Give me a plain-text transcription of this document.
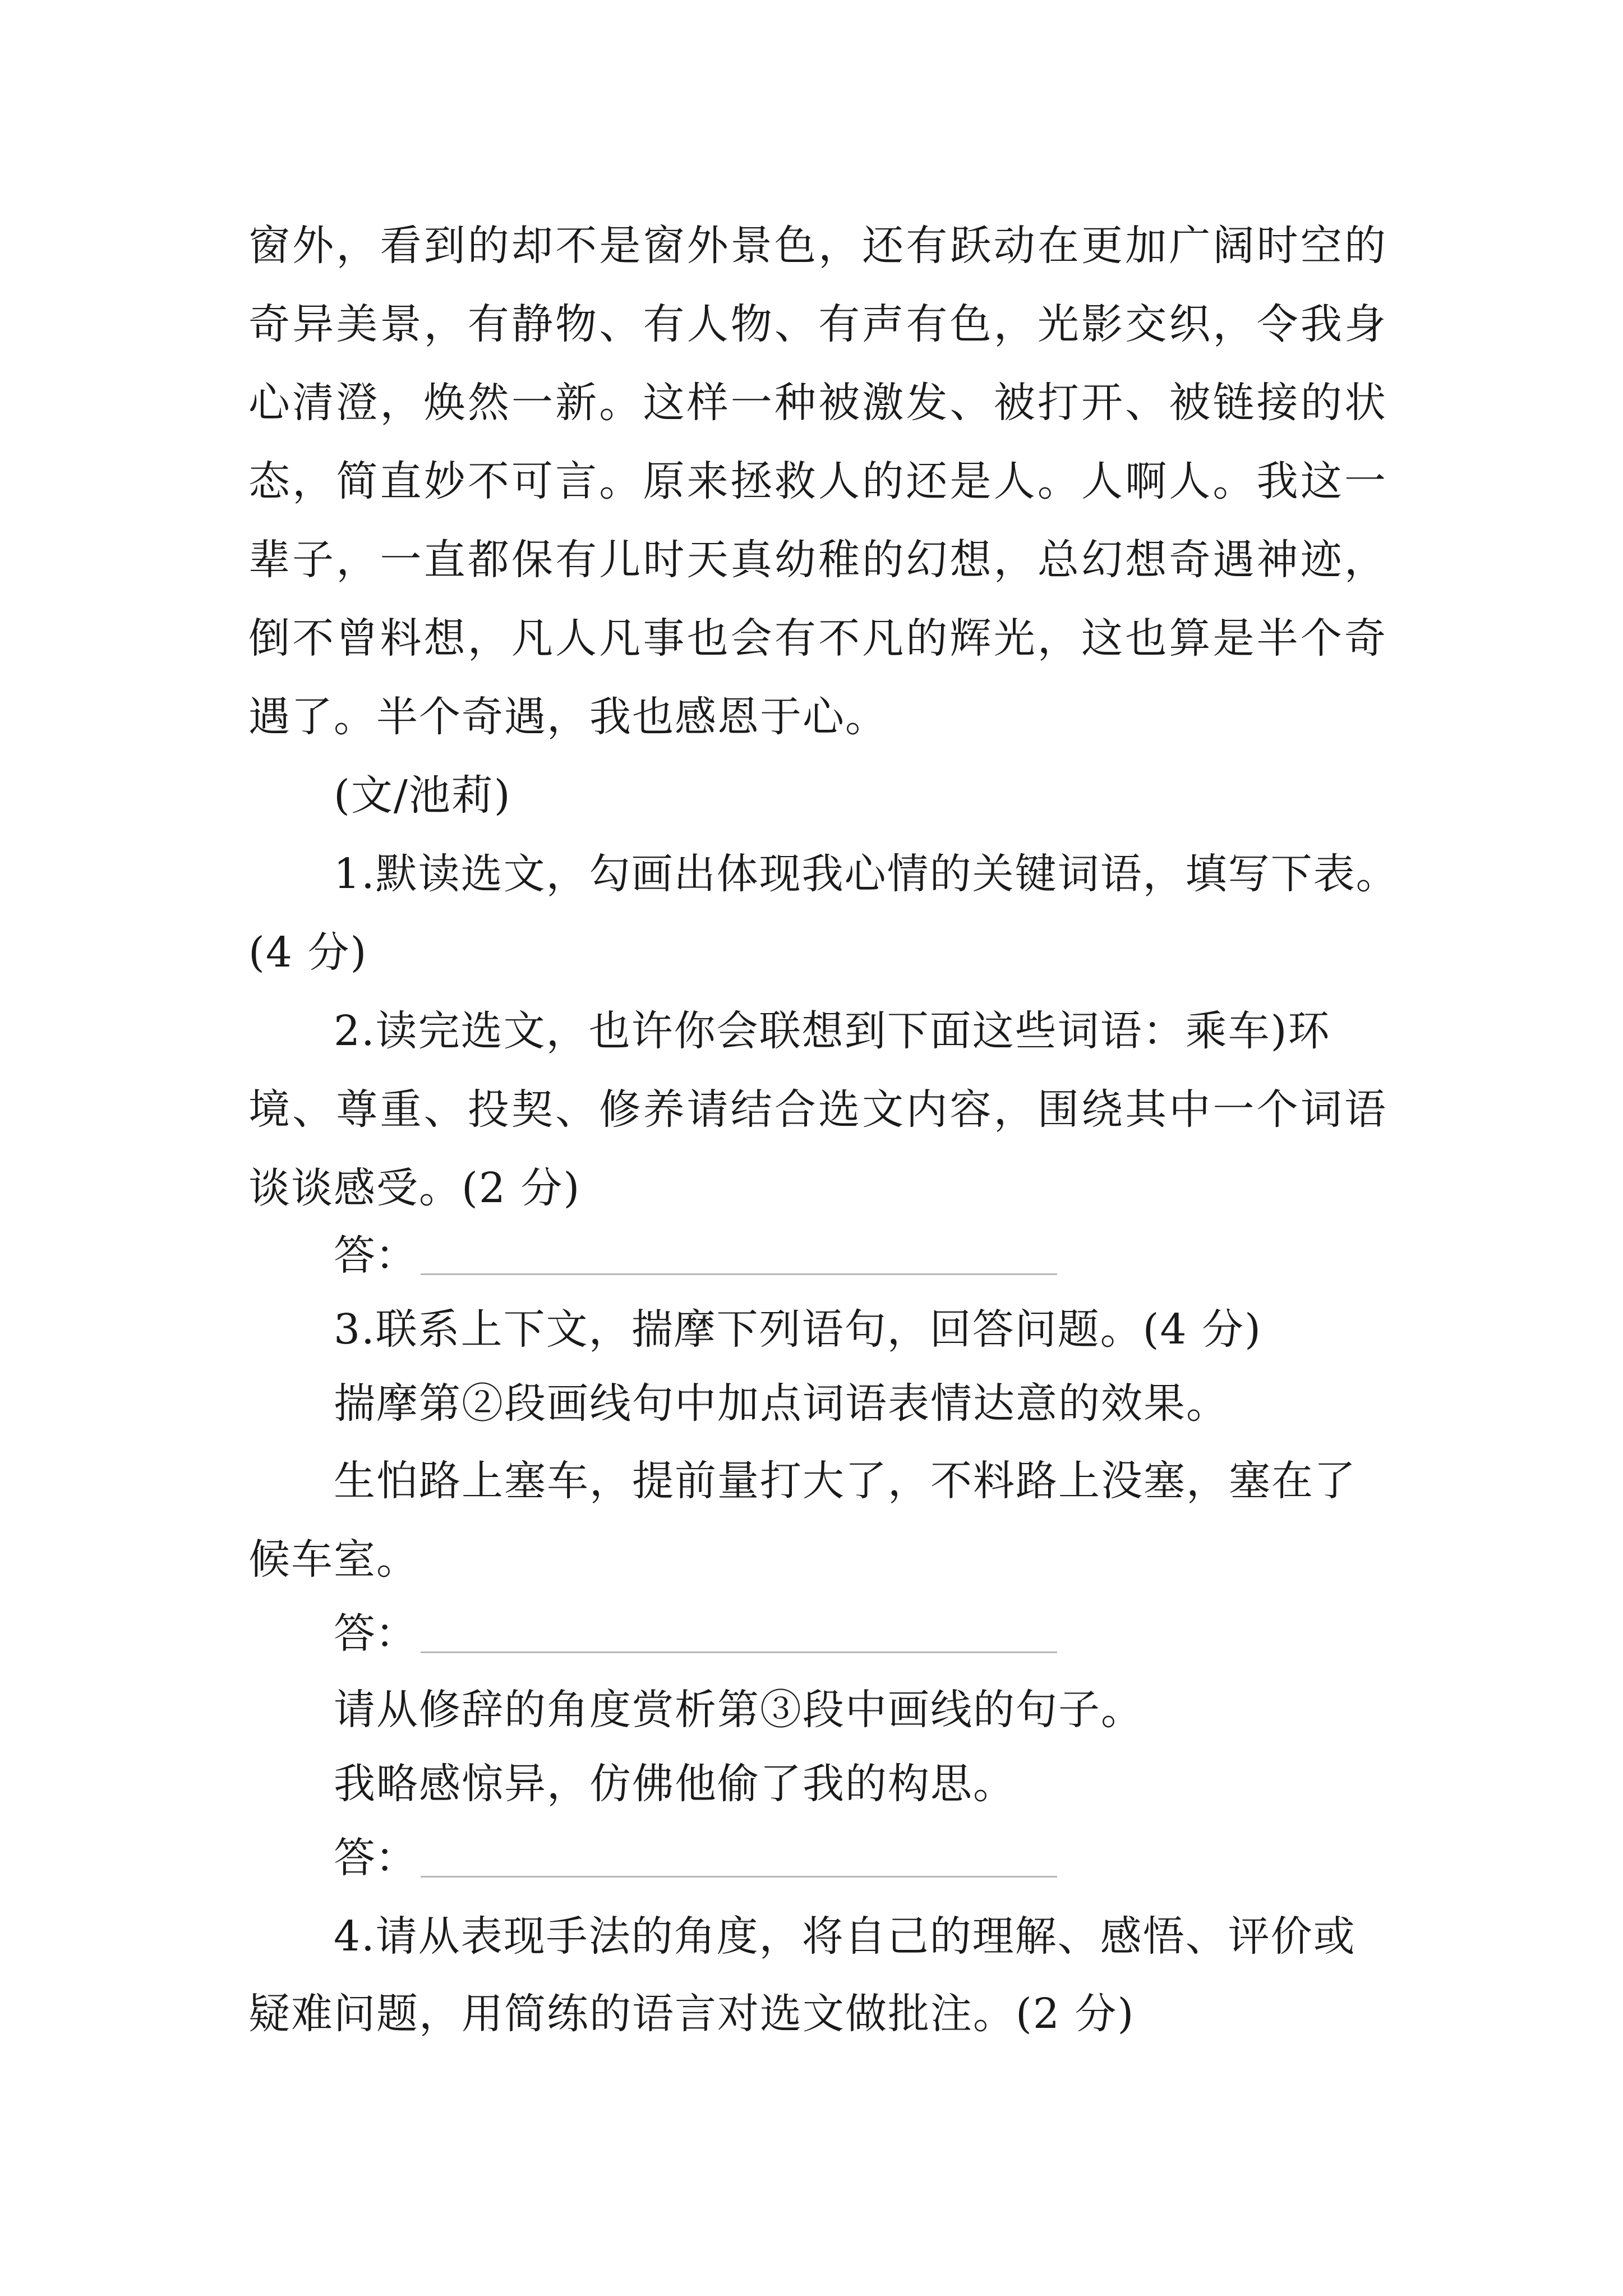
窗外，看到的却不是窗外景色，还有跃动在更加广阔时空的
奇异美景，有静物、有人物、有声有色，光影交织，令我身
心清澄，焕然一新。这样一种被激发、被打开、被链接的状
态，简直妙不可言。原来拯救人的还是人。人啊人。我这一
辈子，一直都保有儿时天真幼稚的幻想，总幻想奇遇神迹，
倒不曾料想，凡人凡事也会有不凡的辉光，这也算是半个奇
遇了。半个奇遇，我也感恩于心。
(文/池莉)
1.默读选文，勾画出体现我心情的关键词语，填写下表。
(4 分)
2.读完选文，也许你会联想到下面这些词语：乘车)环
境、尊重、投契、修养请结合选文内容，围绕其中一个词语
谈谈感受。(2 分)
答：
3.联系上下文，揣摩下列语句，回答问题。(4 分)
揣摩第②段画线句中加点词语表情达意的效果。
生怕路上塞车，提前量打大了，不料路上没塞，塞在了
候车室。
答：
请从修辞的角度赏析第③段中画线的句子。
我略感惊异，仿佛他偷了我的构思。
答：
4.请从表现手法的角度，将自己的理解、感悟、评价或
疑难问题，用简练的语言对选文做批注。(2 分)
